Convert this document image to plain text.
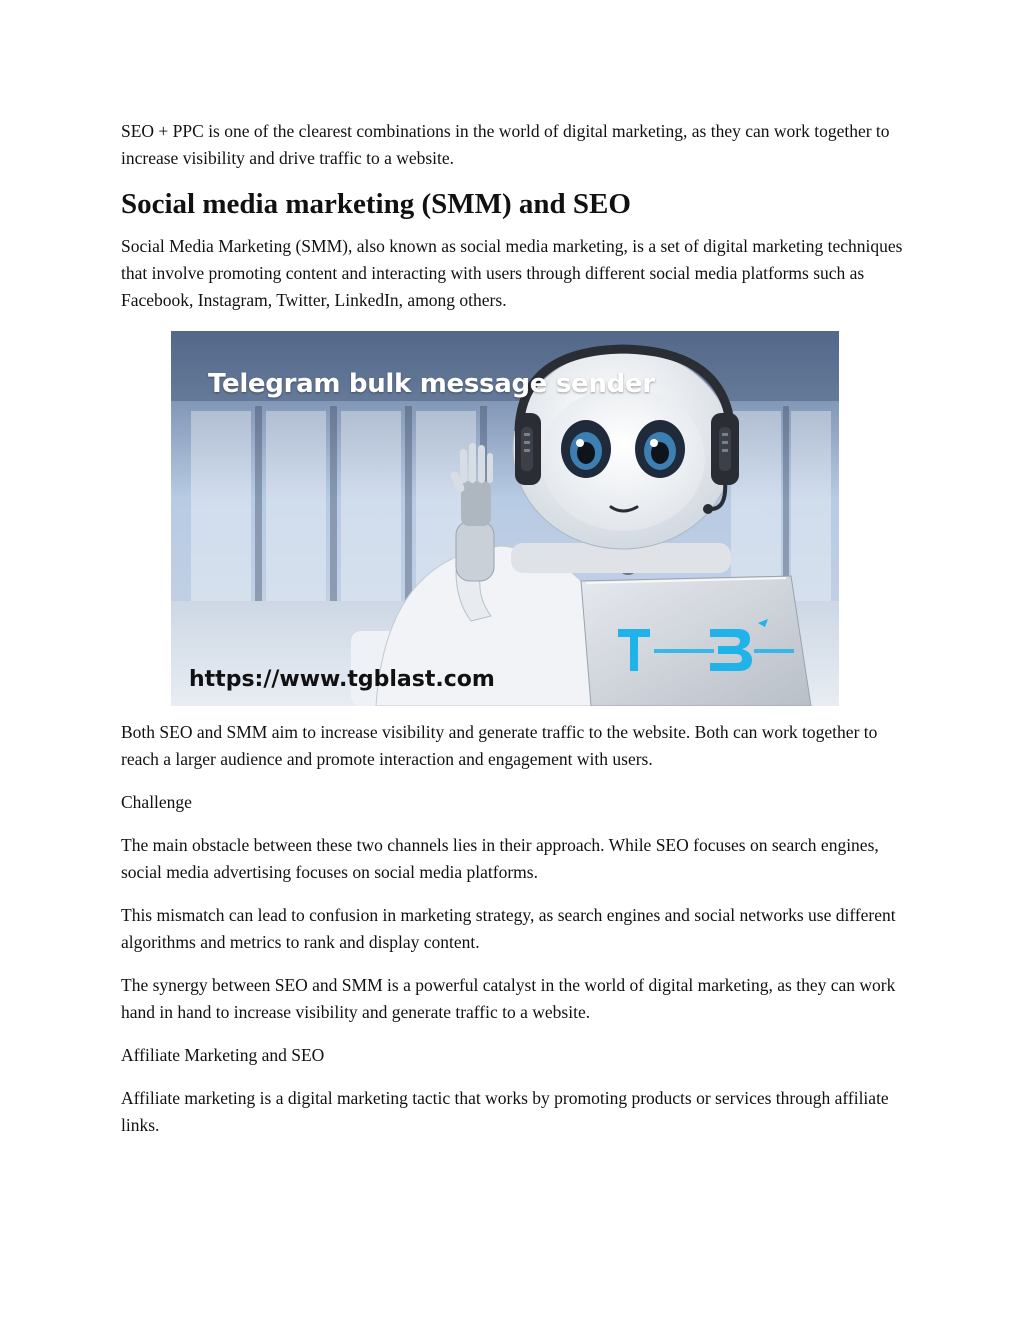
SEO + PPC is one of the clearest combinations in the world of digital marketing, as they can work together to increase visibility and drive traffic to a website.

Social media marketing (SMM) and SEO

Social Media Marketing (SMM), also known as social media marketing, is a set of digital marketing techniques that involve promoting content and interacting with users through different social media platforms such as Facebook, Instagram, Twitter, LinkedIn, among others.

Telegram bulk message sender
https://www.tgblast.com

Both SEO and SMM aim to increase visibility and generate traffic to the website. Both can work together to reach a larger audience and promote interaction and engagement with users.

Challenge

The main obstacle between these two channels lies in their approach. While SEO focuses on search engines, social media advertising focuses on social media platforms.

This mismatch can lead to confusion in marketing strategy, as search engines and social networks use different algorithms and metrics to rank and display content.

The synergy between SEO and SMM is a powerful catalyst in the world of digital marketing, as they can work hand in hand to increase visibility and generate traffic to a website.

Affiliate Marketing and SEO

Affiliate marketing is a digital marketing tactic that works by promoting products or services through affiliate links.
